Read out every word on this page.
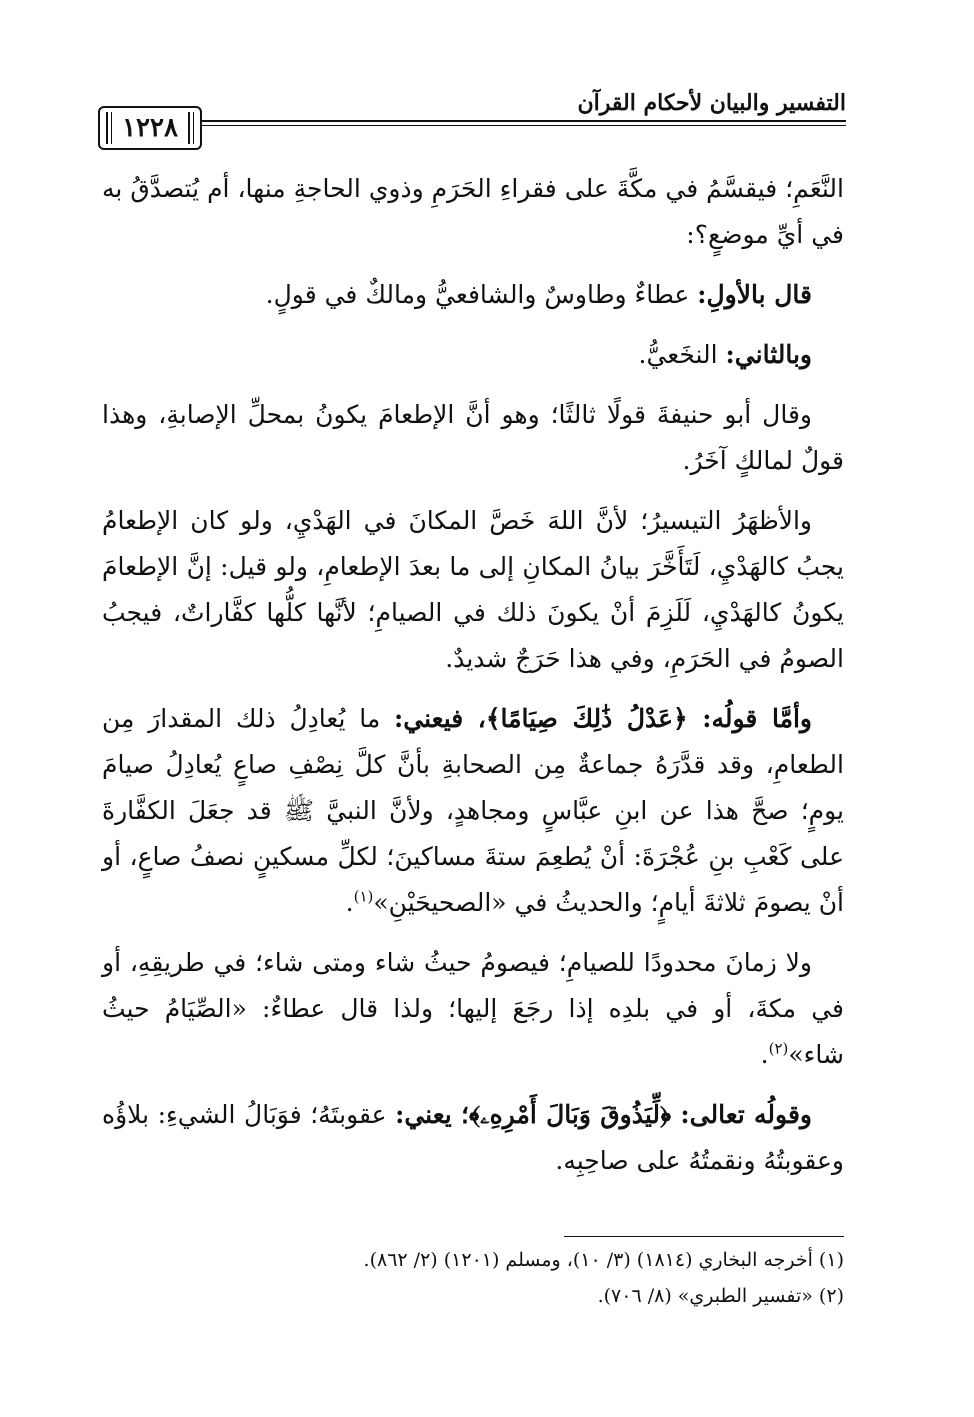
التفسير والبيان لأحكام القرآن
١٢٢٨

النَّعَمِ؛ فيقسَّمُ في مكَّةَ على فقراءِ الحَرَمِ وذوي الحاجةِ منها، أم يُتصدَّقُ به في أيِّ موضعٍ؟:

قال بالأولِ: عطاءٌ وطاوسٌ والشافعيُّ ومالكٌ في قولٍ.

وبالثاني: النخَعيُّ.

وقال أبو حنيفةَ قولًا ثالثًا؛ وهو أنَّ الإطعامَ يكونُ بمحلِّ الإصابةِ، وهذا قولٌ لمالكٍ آخَرُ.

والأظهَرُ التيسيرُ؛ لأنَّ اللهَ خَصَّ المكانَ في الهَدْيِ، ولو كان الإطعامُ يجبُ كالهَدْيِ، لَتَأَخَّرَ بيانُ المكانِ إلى ما بعدَ الإطعامِ، ولو قيل: إنَّ الإطعامَ يكونُ كالهَدْيِ، لَلَزِمَ أنْ يكونَ ذلك في الصيامِ؛ لأنَّها كلُّها كفَّاراتٌ، فيجبُ الصومُ في الحَرَمِ، وفي هذا حَرَجٌ شديدٌ.

وأمَّا قولُه: ﴿عَدْلُ ذَٰلِكَ صِيَامًا﴾، فيعني: ما يُعادِلُ ذلك المقدارَ مِن الطعامِ، وقد قدَّرَهُ جماعةٌ مِن الصحابةِ بأنَّ كلَّ نِصْفِ صاعٍ يُعادِلُ صيامَ يومٍ؛ صحَّ هذا عن ابنِ عبَّاسٍ ومجاهدٍ، ولأنَّ النبيَّ ﷺ قد جعَلَ الكفَّارةَ على كَعْبِ بنِ عُجْرَةَ: أنْ يُطعِمَ ستةَ مساكينَ؛ لكلِّ مسكينٍ نصفُ صاعٍ، أو أنْ يصومَ ثلاثةَ أيامٍ؛ والحديثُ في «الصحيحَيْنِ»$^{(١)}$.

ولا زمانَ محدودًا للصيامِ؛ فيصومُ حيثُ شاء ومتى شاء؛ في طريقِهِ، أو في مكةَ، أو في بلدِه إذا رجَعَ إليها؛ ولذا قال عطاءٌ: «الصِّيَامُ حيثُ شاء»$^{(٢)}$.

وقولُه تعالى: ﴿لِّيَذُوقَ وَبَالَ أَمْرِهِۦ﴾؛ يعني: عقوبتَهُ؛ فوَبَالُ الشيءِ: بلاؤُه وعقوبتُهُ ونقمتُهُ على صاحِبِه.

(١) أخرجه البخاري (١٨١٤) (٣/ ١٠)، ومسلم (١٢٠١) (٢/ ٨٦٢).

(٢) «تفسير الطبري» (٨/ ٧٠٦).
